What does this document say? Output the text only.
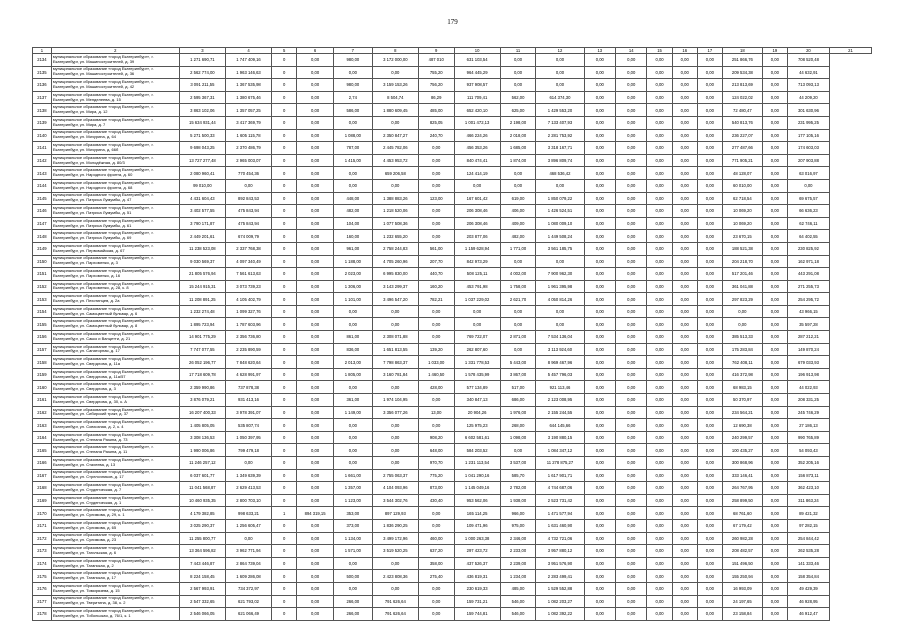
179
1	2	3	4	5	6	7	8	9	10	11	12	13	14	15	16	17	18	19	20	21
2134	муниципальное образование «город Екатеринбург», г. Екатеринбург, ул. Машиностроителей, д. 39	1 271 690,71	1 747 409,16	0	0,00	980,00	3 172 000,00	487 010	631 103,54	0,00	0,00	0,00	0,00	0,00	0,00	0,00	251 866,76	0,00	708 520,48	
2135	муниципальное образование «город Екатеринбург», г. Екатеринбург, ул. Машиностроителей, д. 36	2 562 774,00	1 963 146,63	0	0,00	0,00	0,00	755,20	964 445,29	0,00	0,00	0,00	0,00	0,00	0,00	0,00	209 534,38	0,00	44 632,91	
2136	муниципальное образование «город Екатеринбург», г. Екатеринбург, ул. Машиностроителей, д. 42	3 091 211,55	1 367 535,98	0	0,00	980,00	3 159 153,26	756,20	937 908,57	0,00	0,00	0,00	0,00	0,00	0,00	0,00	213 813,69	0,00	713 093,13	
2137	муниципальное образование «город Екатеринбург», г. Екатеринбург, ул. Менделеева, д. 15	2 595 367,31	1 380 675,46	0	0,00	2,74	8 504,74	86,29	111 709,41	562,00	614 374,30	0,00	0,00	0,00	0,00	0,00	124 022,02	0,00	44 209,20	
2138	муниципальное образование «город Екатеринбург», г. Екатеринбург, ул. Мира, д. 12	3 863 102,06	1 357 057,25	0	0,00	586,00	1 880 609,45	485,00	652 420,10	625,00	1 429 553,20	0,00	0,00	0,00	0,00	0,00	72 480,47	0,00	301 630,96	
2139	муниципальное образование «город Екатеринбург», г. Екатеринбург, ул. Мира, д. 7	15 634 931,44	3 417 369,79	0	0,00	0,00	0,00	825,05	1 001 472,13	2 198,00	7 133 407,93	0,00	0,00	0,00	0,00	0,00	540 813,76	0,00	231 995,25	
2140	муниципальное образование «город Екатеринбург», г. Екатеринбург, ул. Мичурина, д. 64	5 271 500,33	1 605 115,78	0	0,00	1 088,00	2 350 847,27	240,70	466 224,26	2 018,00	2 281 753,92	0,00	0,00	0,00	0,00	0,00	236 227,07	0,00	177 105,16	
2141	муниципальное образование «город Екатеринбург», г. Екатеринбург, ул. Мичурина, д. 66б	9 698 043,25	2 370 486,79	0	0,00	787,00	2 445 782,06	0,00	456 353,26	1 685,00	3 318 167,71	0,00	0,00	0,00	0,00	0,00	277 487,66	0,00	174 603,03	
2142	муниципальное образование «город Екатеринбург», г. Екатеринбург, ул. Молодёжная, д. 80/3	13 727 277,48	2 965 003,07	0	0,00	1 415,00	4 453 953,72	0,00	840 474,41	1 874,00	3 896 809,74	0,00	0,00	0,00	0,00	0,00	771 905,21	0,00	207 903,88	
2143	муниципальное образование «город Екатеринбург», г. Екатеринбург, ул. Народного фронта, д. 60	2 080 960,41	770 454,36	0	0,00	0,00	659 206,58	0,00	124 414,19	0,00	468 536,42	0,00	0,00	0,00	0,00	0,00	48 128,07	0,00	63 016,97	
2144	муниципальное образование «город Екатеринбург», г. Екатеринбург, ул. Народного фронта, д. 68	99 010,00	0,00	0	0,00	0,00	0,00	0,00	0,00	0,00	0,00	0,00	0,00	0,00	0,00	0,00	60 010,00	0,00	0,00	
2145	муниципальное образование «город Екатеринбург», г. Екатеринбург, ул. Патриса Лумумбы, д. 47	4 431 604,43	892 843,53	0	0,00	448,00	1 388 883,26	123,00	167 601,42	619,00	1 850 079,22	0,00	0,00	0,00	0,00	0,00	62 718,54	0,00	69 675,57	
2146	муниципальное образование «город Екатеринбург», г. Екатеринбург, ул. Патриса Лумумбы, д. 51	3 402 577,55	475 843,94	0	0,00	482,00	1 218 520,06	0,00	206 308,46	406,00	1 426 524,51	0,00	0,00	0,00	0,00	0,00	10 069,20	0,00	66 636,23	
2147	муниципальное образование «город Екатеринбург», г. Екатеринбург, ул. Патриса Лумумбы, д. 61	3 790 171,87	475 843,94	0	0,00	104,00	1 077 508,36	0,00	206 308,46	409,00	1 080 009,10	0,00	0,00	0,00	0,00	0,00	10 069,20	0,00	62 746,11	
2148	муниципальное образование «город Екатеринбург», г. Екатеринбург, ул. Патриса Лумумбы, д. 69	2 449 201,61	674 009,79	0	0,00	160,00	1 232 655,20	0,00	203 877,06	482,00	1 449 508,24	0,00	0,00	0,00	0,00	0,00	23 670,15	0,00	64 402,55	
2149	муниципальное образование «город Екатеринбург», г. Екатеринбург, ул. Первомайская, д. 67	11 238 523,08	2 337 768,38	0	0,00	961,00	2 758 244,83	561,00	1 159 628,94	1 771,00	3 561 185,75	0,00	0,00	0,00	0,00	0,00	188 521,38	0,00	230 825,92	
2150	муниципальное образование «город Екатеринбург», г. Екатеринбург, ул. Пархоменко, д. 3	9 030 569,37	4 097 340,49	0	0,00	1 188,00	4 705 260,96	207,70	842 973,29	0,00	0,00	0,00	0,00	0,00	0,00	0,00	204 218,70	0,00	162 971,18	
2151	муниципальное образование «город Екатеринбург», г. Екатеринбург, ул. Пархоменко, д. 16	21 805 576,94	7 561 613,63	0	0,00	2 023,00	6 995 830,00	440,70	508 125,11	4 002,00	7 900 962,30	0,00	0,00	0,00	0,00	0,00	517 201,46	0,00	443 291,08	
2152	муниципальное образование «город Екатеринбург», г. Екатеринбург, ул. Пархоменко, д. 28, к. 8	15 244 915,31	3 073 739,23	0	0,00	1 306,00	3 143 299,37	160,20	453 791,98	1 758,00	1 961 395,98	0,00	0,00	0,00	0,00	0,00	361 041,88	0,00	271 255,73	
2153	муниципальное образование «город Екатеринбург», г. Екатеринбург, ул. Пехотинцев, д. 2а	11 208 891,25	4 105 402,79	0	0,00	1 101,00	3 496 547,20	782,21	1 037 229,02	2 621,70	4 050 814,26	0,00	0,00	0,00	0,00	0,00	297 823,29	0,00	254 295,72	
2154	муниципальное образование «город Екатеринбург», г. Екатеринбург, ул. Самоцветный бульвар, д. 6	1 232 274,48	1 099 327,76	0	0,00	0,00	0,00	0,00	0,00	0,00	0,00	0,00	0,00	0,00	0,00	0,00	0,00	0,00	43 966,15	
2155	муниципальное образование «город Екатеринбург», г. Екатеринбург, ул. Самоцветный бульвар, д. 8	1 895 723,94	1 787 603,96	0	0,00	0,00	0,00	0,00	0,00	0,00	0,00	0,00	0,00	0,00	0,00	0,00	0,00	0,00	35 597,28	
2156	муниципальное образование «город Екатеринбург», г. Екатеринбург, ул. Сакко и Ванцетти, д. 21	14 901 775,29	2 356 736,80	0	0,00	861,00	2 308 071,88	0,00	769 722,07	2 871,00	7 534 136,04	0,00	0,00	0,00	0,00	0,00	385 513,33	0,00	287 212,21	
2157	муниципальное образование «город Екатеринбург», г. Екатеринбург, ул. Санаторная, д. 17	7 747 077,55	2 235 890,59	0	0,00	836,00	1 651 813,55	139,20	262 807,60	0,00	3 113 924,60	0,00	0,00	0,00	0,00	0,00	175 283,84	0,00	149 870,24	
2158	муниципальное образование «город Екатеринбург», г. Екатеринбург, ул. Свердлова, д. 11а	26 052 196,77	7 848 620,64	0	0,00	2 013,00	7 798 863,37	1 033,00	1 331 778,53	5 443,00	8 969 467,96	0,00	0,00	0,00	0,00	0,00	762 408,11	0,00	679 033,93	
2159	муниципальное образование «город Екатеринбург», г. Екатеринбург, ул. Свердлова, д. 11а/57	17 718 609,78	4 628 991,97	0	0,00	1 805,00	3 160 781,84	1 460,50	1 578 435,99	3 867,00	5 457 796,03	0,00	0,00	0,00	0,00	0,00	416 372,98	0,00	196 913,98	
2160	муниципальное образование «город Екатеринбург», г. Екатеринбург, ул. Свердлова, д. 3	2 359 990,86	737 878,38	0	0,00	0,00	0,00	428,00	577 134,89	517,00	921 113,46	0,00	0,00	0,00	0,00	0,00	68 983,15	0,00	44 022,93	
2161	муниципальное образование «город Екатеринбург», г. Екатеринбург, ул. Свердлова, д. 30, к. А	3 876 079,21	931 413,16	0	0,00	361,00	1 974 104,95	0,00	340 847,13	686,00	2 123 008,95	0,00	0,00	0,00	0,00	0,00	50 370,97	0,00	208 331,25	
2162	муниципальное образование «город Екатеринбург», г. Екатеринбург, ул. Сибирский тракт, д. 37	16 207 400,33	3 978 391,07	0	0,00	1 149,00	3 356 077,26	13,00	20 904,26	1 976,00	2 155 244,55	0,00	0,00	0,00	0,00	0,00	234 564,21	0,00	245 746,29	
2163	муниципальное образование «город Екатеринбург», г. Екатеринбург, ул. Совхозная, д. 2, к. 4	1 405 805,05	535 807,74	0	0,00	0,00	0,00	0,00	125 975,23	268,00	644 145,66	0,00	0,00	0,00	0,00	0,00	12 690,38	0,00	27 186,13	
2164	муниципальное образование «город Екатеринбург», г. Екатеринбург, ул. Степана Разина, д. 73	3 308 136,53	1 050 397,95	0	0,00	0,00	0,00	908,20	6 602 581,61	1 098,00	3 190 880,15	0,00	0,00	0,00	0,00	0,00	240 299,57	0,00	990 765,89	
2165	муниципальное образование «город Екатеринбург», г. Екатеринбург, ул. Степана Разина, д. 11	1 990 006,86	799 479,18	0	0,00	0,00	0,00	648,00	584 203,52	0,00	1 084 347,12	0,00	0,00	0,00	0,00	0,00	100 435,27	0,00	54 093,43	
2166	муниципальное образование «город Екатеринбург», г. Екатеринбург, ул. Стахеева, д. 13	11 246 257,12	0,00	0	0,00	0,00	0,00	970,70	1 231 113,54	3 537,00	11 278 875,27	0,00	0,00	0,00	0,00	0,00	300 868,96	0,00	352 205,16	
2167	муниципальное образование «город Екатеринбург», г. Екатеринбург, ул. Стрелочников, д. 17	6 037 601,77	1 349 639,39	0	0,00	1 661,00	2 755 063,37	775,20	1 041 290,16	585,70	1 617 901,71	0,00	0,00	0,00	0,00	0,00	333 146,41	0,00	156 873,11	
2168	муниципальное образование «город Екатеринбург», г. Екатеринбург, ул. Студенческая, д. 7	11 041 568,87	2 629 413,53	0	0,00	1 357,00	4 104 093,96	873,00	1 145 049,16	2 782,00	4 744 687,06	0,00	0,00	0,00	0,00	0,00	264 767,95	0,00	362 423,10	
2169	муниципальное образование «город Екатеринбург», г. Екатеринбург, ул. Студенческая, д. 1	10 460 935,35	2 800 703,10	0	0,00	1 123,00	3 544 302,76	430,40	953 562,06	1 938,00	2 523 731,42	0,00	0,00	0,00	0,00	0,00	258 899,50	0,00	311 863,24	
2170	муниципальное образование «город Екатеринбург», г. Екатеринбург, ул. Сулимова, д. 29, к. 1	4 179 382,85	998 633,21	1	894 319,15	353,00	897 129,93	0,00	165 114,25	966,00	1 471 577,94	0,00	0,00	0,00	0,00	0,00	68 761,60	0,00	89 421,32	
2171	муниципальное образование «город Екатеринбург», г. Екатеринбург, ул. Сулимова, д. 65	3 025 290,37	1 256 605,47	0	0,00	373,00	1 836 290,25	0,00	109 471,96	975,00	1 631 460,90	0,00	0,00	0,00	0,00	0,00	67 179,42	0,00	97 282,15	
2172	муниципальное образование «город Екатеринбург», г. Екатеринбург, ул. Сулимова, д. 23	11 255 800,77	0,00	0	0,00	1 134,00	3 499 172,96	460,00	1 000 263,38	2 346,00	4 732 721,06	0,00	0,00	0,00	0,00	0,00	260 982,28	0,00	254 844,42	
2173	муниципальное образование «город Екатеринбург», г. Екатеринбург, ул. Тагильская, д. 6	13 364 596,82	3 962 771,94	0	0,00	1 571,00	3 519 520,25	637,20	297 423,72	2 233,00	3 957 880,12	0,00	0,00	0,00	0,00	0,00	208 482,57	0,00	262 535,28	
2174	муниципальное образование «город Екатеринбург», г. Екатеринбург, ул. Таганская, д. 2	7 443 446,87	2 864 739,04	0	0,00	0,00	0,00	358,00	437 526,37	2 239,00	3 951 576,90	0,00	0,00	0,00	0,00	0,00	151 496,50	0,00	141 333,46	
2175	муниципальное образование «город Екатеринбург», г. Екатеринбург, ул. Таганская, д. 17	8 224 158,45	1 609 286,08	0	0,00	500,00	2 423 808,36	275,40	436 819,31	1 234,00	2 283 499,41	0,00	0,00	0,00	0,00	0,00	155 250,94	0,00	158 354,84	
2176	муниципальное образование «город Екатеринбург», г. Екатеринбург, ул. Тимирязева, д. 15	2 567 993,91	734 372,97	0	0,00	0,00	0,00	0,00	230 619,33	485,00	1 529 552,88	0,00	0,00	0,00	0,00	0,00	16 993,09	0,00	49 429,39	
2177	муниципальное образование «город Екатеринбург», г. Екатеринбург, ул. Тверитина, д. 38, к. 2	2 547 332,65	621 793,02	0	0,00	266,00	791 626,64	0,00	159 731,21	546,00	1 082 203,27	0,00	0,00	0,00	0,00	0,00	24 197,65	0,00	46 928,95	
2178	муниципальное образование «город Екатеринбург», г. Екатеринбург, ул. Тобольская, д. 76/1, к. 1	2 546 066,05	621 066,49	0	0,00	266,00	791 626,64	0,00	159 744,81	546,00	1 082 392,22	0,00	0,00	0,00	0,00	0,00	23 158,84	0,00	46 912,47	
